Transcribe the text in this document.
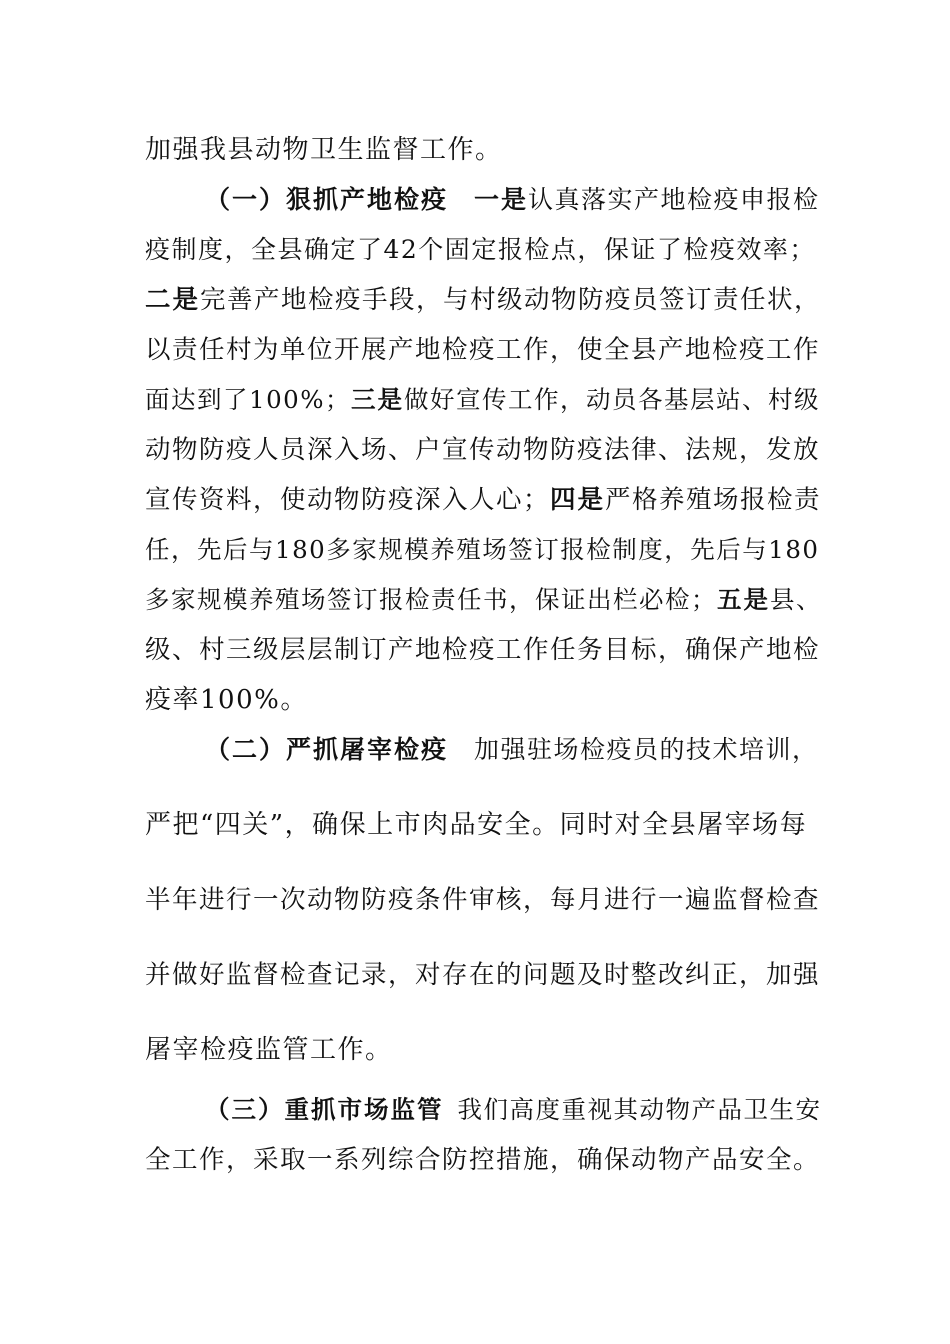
加强我县动物卫生监督工作。
（一）狠抓产地检疫 一是认真落实产地检疫申报检
疫制度，全县确定了42个固定报检点，保证了检疫效率；
二是完善产地检疫手段，与村级动物防疫员签订责任状，
以责任村为单位开展产地检疫工作，使全县产地检疫工作
面达到了100%；三是做好宣传工作，动员各基层站、村级
动物防疫人员深入场、户宣传动物防疫法律、法规，发放
宣传资料，使动物防疫深入人心；四是严格养殖场报检责
任，先后与180多家规模养殖场签订报检制度，先后与180
多家规模养殖场签订报检责任书，保证出栏必检；五是县、
级、村三级层层制订产地检疫工作任务目标，确保产地检
疫率100%。
（二）严抓屠宰检疫 加强驻场检疫员的技术培训，
严把“四关”，确保上市肉品安全。同时对全县屠宰场每
半年进行一次动物防疫条件审核，每月进行一遍监督检查
并做好监督检查记录，对存在的问题及时整改纠正，加强
屠宰检疫监管工作。
（三）重抓市场监管 我们高度重视其动物产品卫生安
全工作，采取一系列综合防控措施，确保动物产品安全。
